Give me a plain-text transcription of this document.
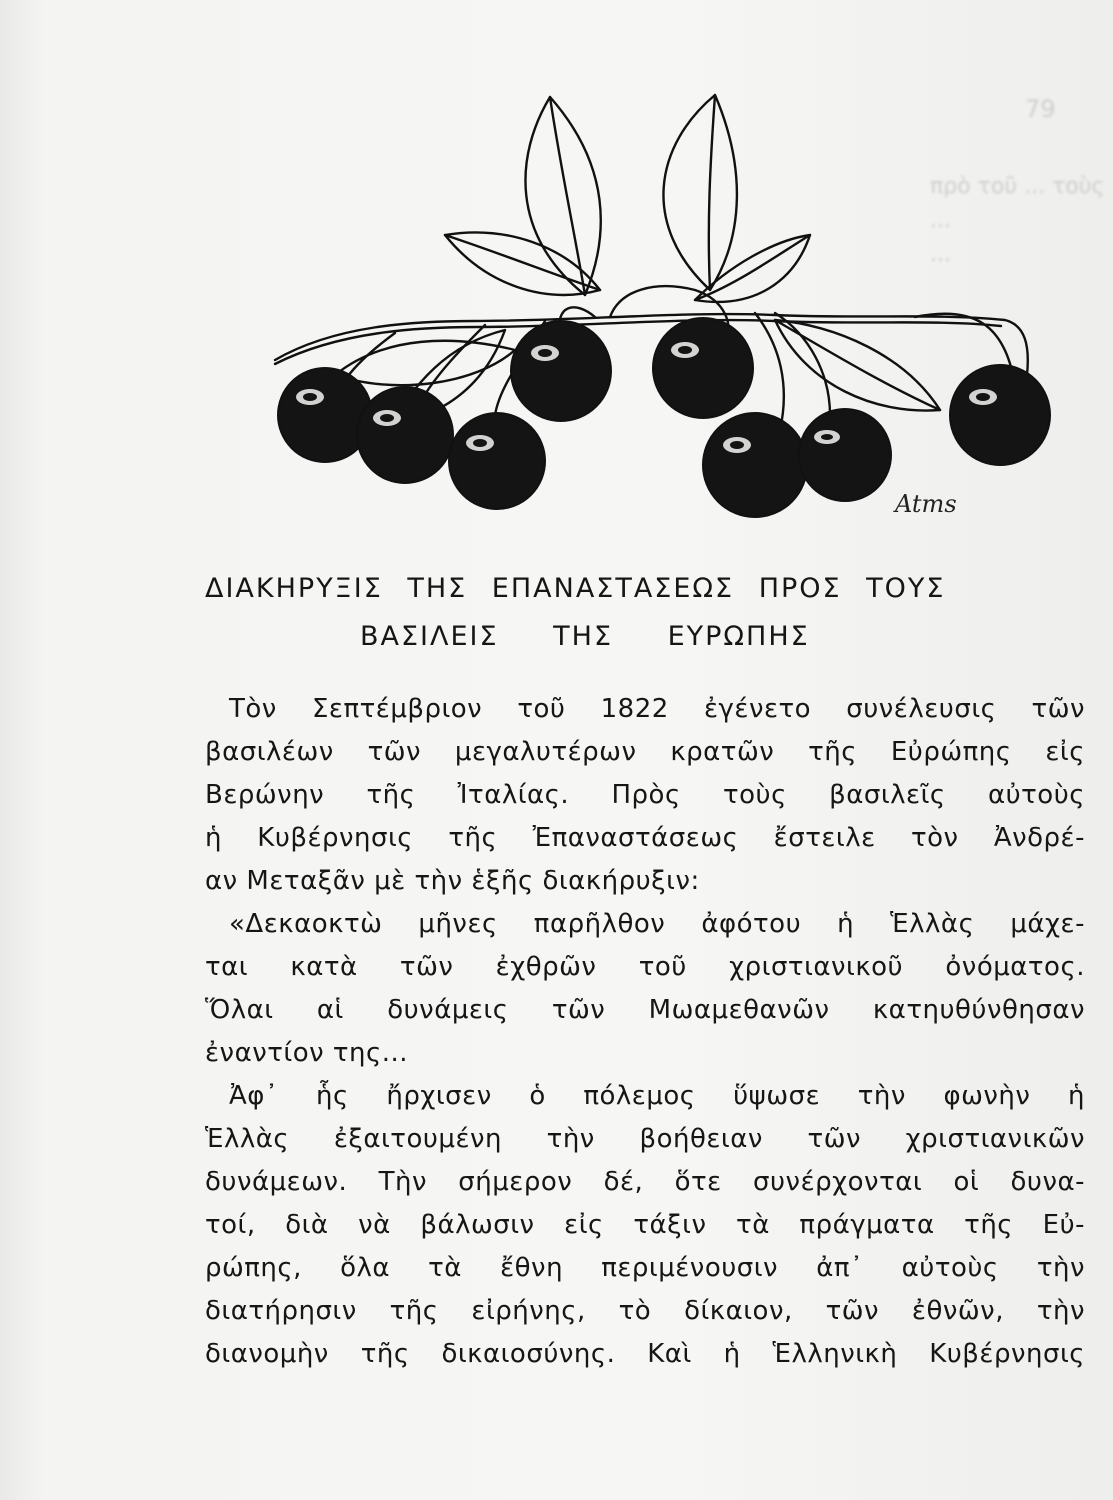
79
πρὸ τοῦ ... τοὺς
...
...
Atms
ΔΙΑΚΗΡΥΞΙΣ ΤΗΣ ΕΠΑΝΑΣΤΑΣΕΩΣ ΠΡΟΣ ΤΟΥΣ
ΒΑΣΙΛΕΙΣ ΤΗΣ ΕΥΡΩΠΗΣ
Τὸν Σεπτέμβριον τοῦ 1822 ἐγένετο συνέλευσις τῶν
βασιλέων τῶν μεγαλυτέρων κρατῶν τῆς Εὐρώπης εἰς
Βερώνην τῆς Ἰταλίας. Πρὸς τοὺς βασιλεῖς αὐτοὺς
ἡ Κυβέρνησις τῆς Ἐπαναστάσεως ἔστειλε τὸν Ἀνδρέ-
αν Μεταξᾶν μὲ τὴν ἑξῆς διακήρυξιν:
«Δεκαοκτὼ μῆνες παρῆλθον ἀφότου ἡ Ἑλλὰς μάχε-
ται κατὰ τῶν ἐχθρῶν τοῦ χριστιανικοῦ ὀνόματος.
Ὅλαι αἱ δυνάμεις τῶν Μωαμεθανῶν κατηυθύνθησαν
ἐναντίον της...
Ἀφ᾽ ἧς ἤρχισεν ὁ πόλεμος ὕψωσε τὴν φωνὴν ἡ
Ἑλλὰς ἐξαιτουμένη τὴν βοήθειαν τῶν χριστιανικῶν
δυνάμεων. Τὴν σήμερον δέ, ὅτε συνέρχονται οἱ δυνα-
τοί, διὰ νὰ βάλωσιν εἰς τάξιν τὰ πράγματα τῆς Εὐ-
ρώπης, ὅλα τὰ ἔθνη περιμένουσιν ἀπ᾽ αὐτοὺς τὴν
διατήρησιν τῆς εἰρήνης, τὸ δίκαιον, τῶν ἐθνῶν, τὴν
διανομὴν τῆς δικαιοσύνης. Καὶ ἡ Ἑλληνικὴ Κυβέρνησις
